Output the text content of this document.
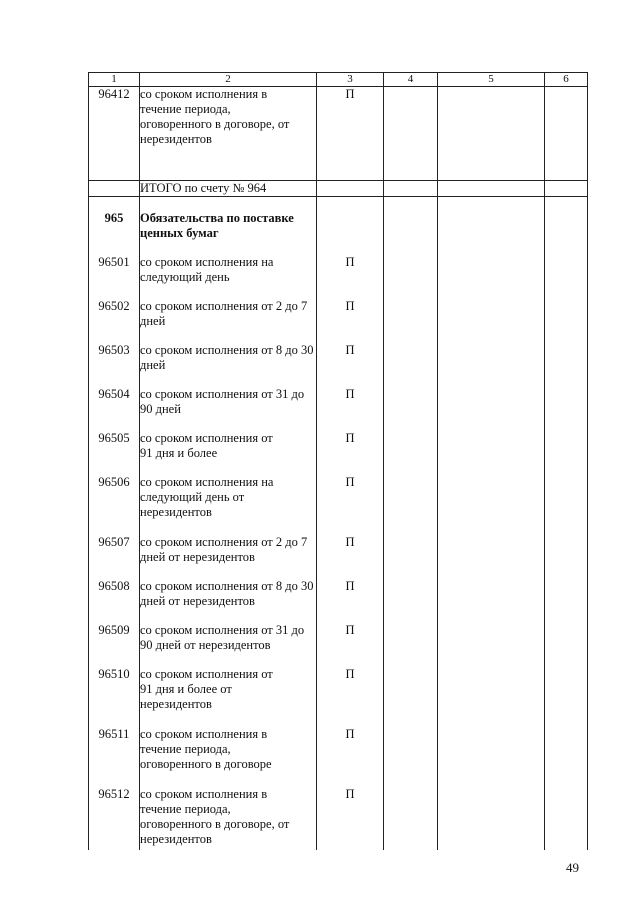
1	2	3	4	5	6
96412	со сроком исполнения в течение периода, оговоренного в договоре, от нерезидентов	П			
	ИТОГО по счету № 964				
965	Обязательства по поставке ценных бумаг				
96501	со сроком исполнения на следующий день	П			
96502	со сроком исполнения от 2 до 7 дней	П			
96503	со сроком исполнения от 8 до 30 дней	П			
96504	со сроком исполнения от 31 до 90 дней	П			
96505	со сроком исполнения от 91 дня и более	П			
96506	со сроком исполнения на следующий день от нерезидентов	П			
96507	со сроком исполнения от 2 до 7 дней от нерезидентов	П			
96508	со сроком исполнения от 8 до 30 дней от нерезидентов	П			
96509	со сроком исполнения от 31 до 90 дней от нерезидентов	П			
96510	со сроком исполнения от 91 дня и более от нерезидентов	П			
96511	со сроком исполнения в течение периода, оговоренного в договоре	П			
96512	со сроком исполнения в течение периода, оговоренного в договоре, от нерезидентов	П			
49
